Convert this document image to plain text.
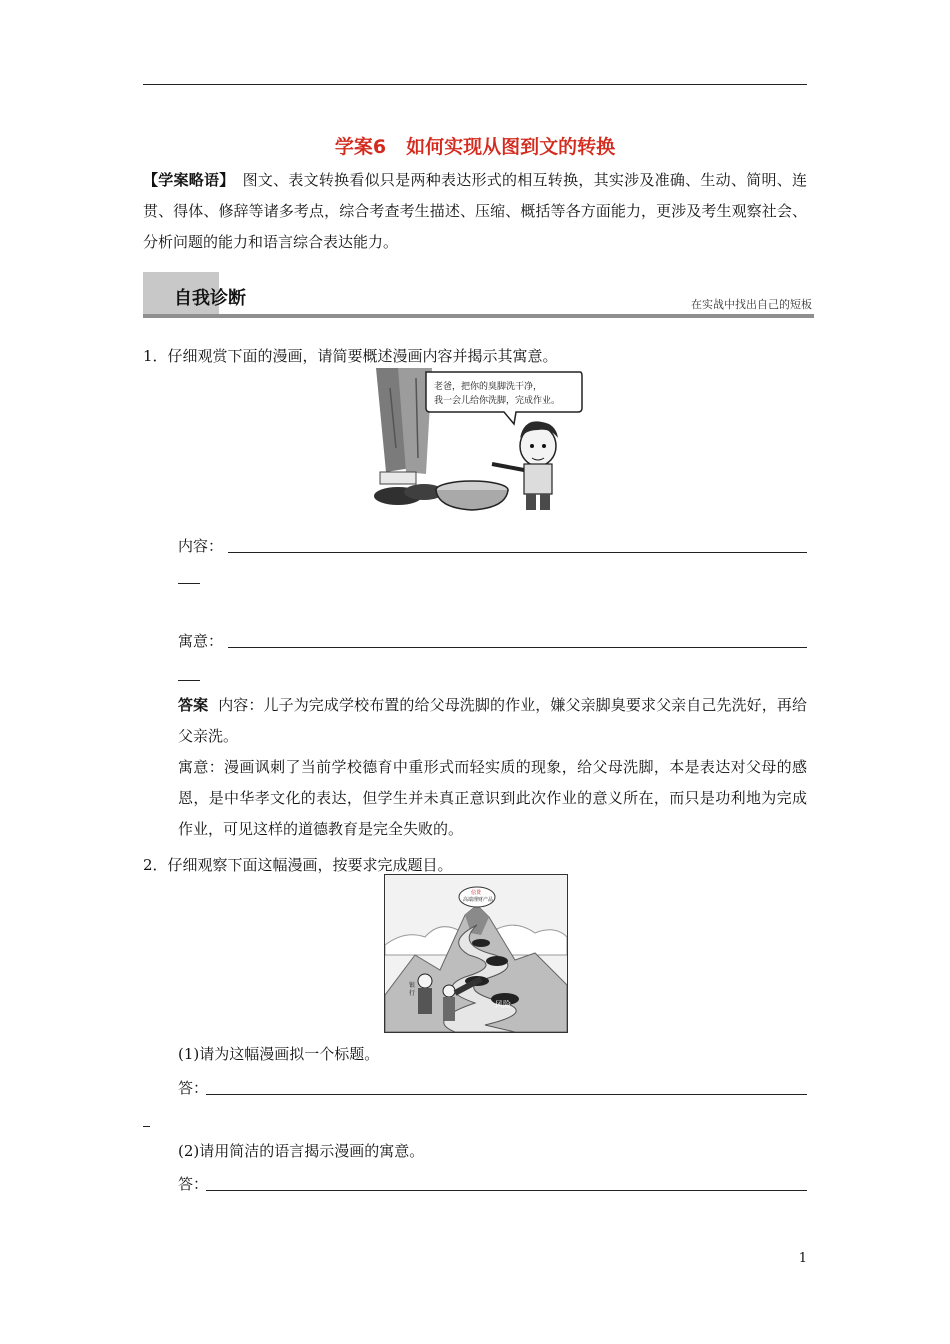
学案6 如何实现从图到文的转换
【学案略语】 图文、表文转换看似只是两种表达形式的相互转换，其实涉及准确、生动、简明、连贯、得体、修辞等诸多考点，综合考查考生描述、压缩、概括等各方面能力，更涉及考生观察社会、分析问题的能力和语言综合表达能力。
自我诊断	在实战中找出自己的短板
1．仔细观赏下面的漫画，请简要概述漫画内容并揭示其寓意。
老爸，把你的臭脚洗干净，
我一会儿给你洗脚，完成作业。
内容：
寓意：
答案 内容：儿子为完成学校布置的给父母洗脚的作业，嫌父亲脚臭要求父亲自己先洗好，再给父亲洗。
寓意：漫画讽刺了当前学校德育中重形式而轻实质的现象，给父母洗脚，本是表达对父母的感恩，是中华孝文化的表达，但学生并未真正意识到此次作业的意义所在，而只是功利地为完成作业，可见这样的道德教育是完全失败的。
2．仔细观察下面这幅漫画，按要求完成题目。
信贷
高端理财产品
风险
银
行
(1)请为这幅漫画拟一个标题。
答：
(2)请用简洁的语言揭示漫画的寓意。
答：
1
